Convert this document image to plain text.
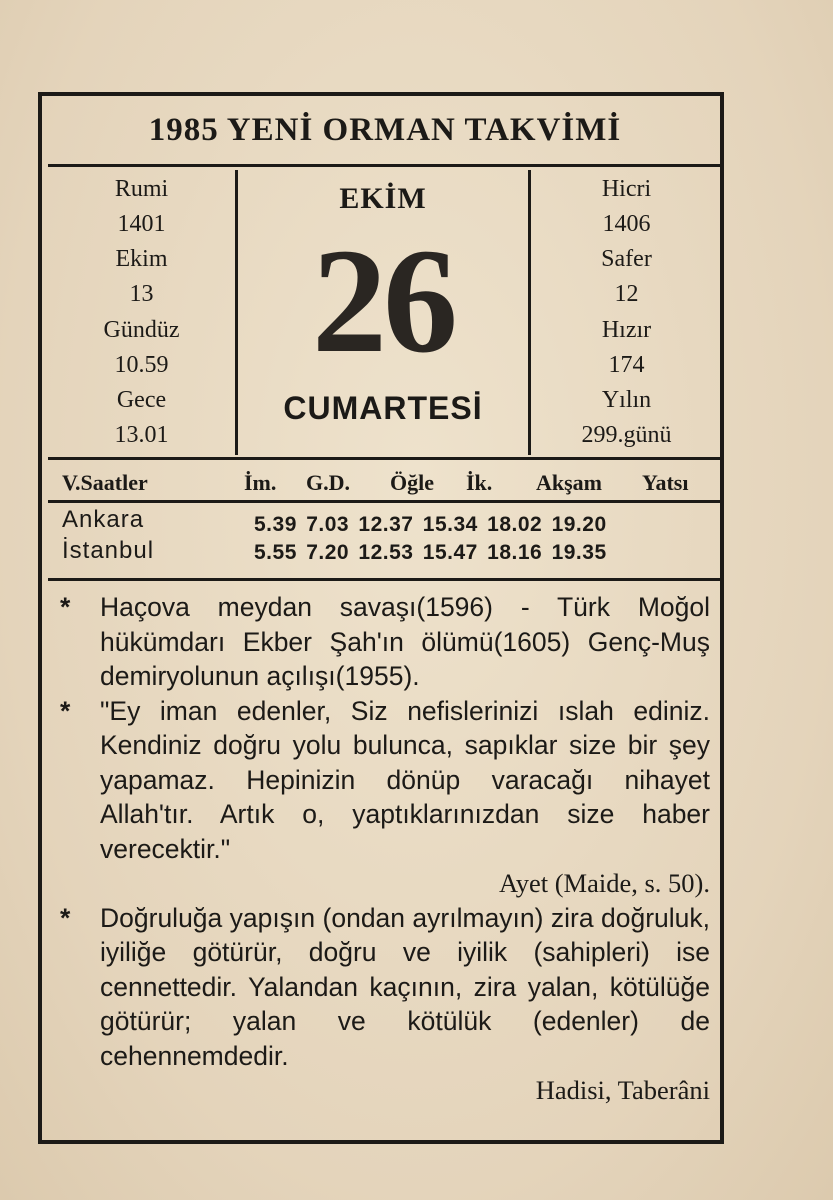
1985 YENİ ORMAN TAKVİMİ
Rumi
1401
Ekim
13
Gündüz
10.59
Gece
13.01
EKİM
26
CUMARTESİ
Hicri
1406
Safer
12
Hızır
174
Yılın
299.günü
V.Saatler	İm. G.D. Öğle İk. Akşam Yatsı
Ankara	5.39 7.03 12.37 15.34 18.02 19.20
İstanbul	5.55 7.20 12.53 15.47 18.16 19.35
* Haçova meydan savaşı(1596) - Türk Moğol hükümdarı Ekber Şah'ın ölümü(1605) Genç-Muş demiryolunun açılışı(1955).
* "Ey iman edenler, Siz nefislerinizi ıslah ediniz. Kendiniz doğru yolu bulunca, sapıklar size bir şey yapamaz. Hepinizin dönüp varacağı nihayet Allah'tır. Artık o, yaptıklarınızdan size haber verecektir."
Ayet (Maide, s. 50).
* Doğruluğa yapışın (ondan ayrılmayın) zira doğruluk, iyiliğe götürür, doğru ve iyilik (sahipleri) ise cennettedir. Yalandan kaçının, zira yalan, kötülüğe götürür; yalan ve kötülük (edenler) de cehennemdedir.
Hadisi, Taberâni
